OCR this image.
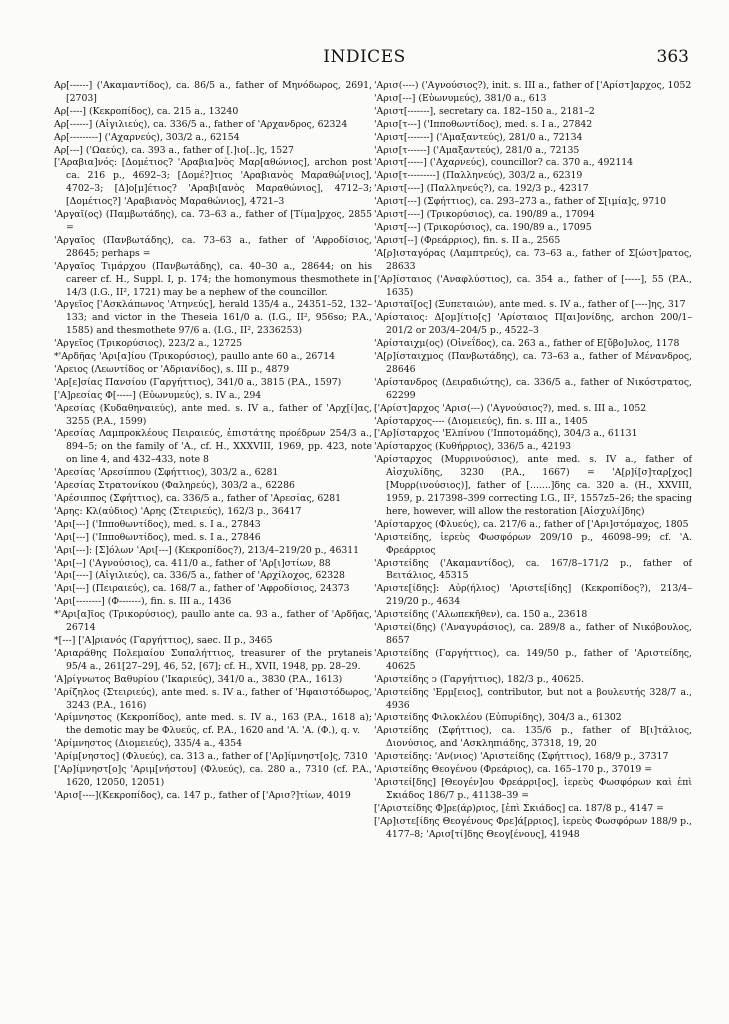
INDICES	363

Αρ[------] ('Ακαμαντίδος), ca. 86/5 a., father of Μηνόδωρος, 2691, [2703]

Αρ[----] (Κεκροπίδος), ca. 215 a., 13240

Αρ[------] (Αἰγιλιεύς), ca. 336/5 a., father of 'Αρχανδρος, 62324

Αρ[---------] ('Αχαρνεύς), 303/2 a., 62154

Αρ[---] ('Ωαεύς), ca. 393 a., father of [.]ιο[..]ς, 1527

['Αραβια]νός: [Δομέτιος? 'Αραβια]νὸς Μαρ[αθώνιος], archon post ca. 216 p., 4692–3; [Δομέ?]τιος 'Αραβιανὸς Μαραθώ[νιος], 4702–3; [Δ]ο[μ]έτιος? 'Αραβι[ανὸς Μαραθώνιος], 4712–3; [Δομέτιος?] 'Αραβιανὸς Μαραθώνιος], 4721–3

'Αργαῖ(ος) (Παμβωτάδης), ca. 73–63 a., father of [Τίμα]ρχος, 2855 =

'Αργαῖος (Πανβωτάδης), ca. 73–63 a., father of 'Αφροδίσιος, 28645; perhaps =

'Αργαῖος Τιμάρχου (Πανβωτάδης), ca. 40–30 a., 28644; on his career cf. H., Suppl. I, p. 174; the homonymous thesmothete in 14/3 (I.G., II², 1721) may be a nephew of the councillor.

'Αργεῖος ['Ασκλάπωνος 'Ατηνεύς], herald 135/4 a., 24351–52, 132–133; and victor in the Theseia 161/0 a. (I.G., II², 956so; P.A., 1585) and thesmothete 97/6 a. (I.G., II², 2336253)

'Αργεῖος (Τρικορύσιος), 223/2 a., 12725

*'Αρδῆας 'Αρι[α]ίου (Τρικορύσιος), paullo ante 60 a., 26714

'Αρειος (Λεωντίδος or 'Αδριανίδος), s. III p., 4879

'Αρ[ε]σίας Πανσίου (Γαργήττιος), 341/0 a., 3815 (P.A., 1597)

['Α]ρεσίας Φ[-----] (Εὐωνυμεύς), s. IV a., 294

'Αρεσίας (Κυδαθηναιεύς), ante med. s. IV a., father of 'Αρχ[ί]ας, 3255 (P.A., 1599)

'Αρεσίας Λαμπροκλέους Πειραιεύς, ἐπιστάτης προέδρων 254/3 a., 894–5; on the family of 'Α., cf. H., XXXVIII, 1969, pp. 423, note on line 4, and 432–433, note 8

'Αρεσίας 'Αρεσίππου (Σφήττιος), 303/2 a., 6281

'Αρεσίας Στρατονίκου (Φαληρεύς), 303/2 a., 62286

'Αρέσιππος (Σφήττιος), ca. 336/5 a., father of 'Αρεσίας, 6281

'Αρης: Κλ(αύδιος) 'Αρης (Στειριεύς), 162/3 p., 36417

'Αρι[---] ('Ιπποθωντίδος), med. s. I a., 27843

'Αρι[---] ('Ιπποθωντίδος), med. s. I a., 27846

'Αρι[---]: [Σ]όλων 'Αρι[---] (Κεκροπίδος?), 213/4–219/20 p., 46311

'Αρι[--] ('Αγνούσιος), ca. 411/0 a., father of 'Αρ[ι]στίων, 88

'Αρι[----] (Αἰγιλιεύς), ca. 336/5 a., father of 'Αρχίλοχος, 62328

'Αρι[---] (Πειραιεύς), ca. 168/7 a., father of 'Αφροδίσιος, 24373

'Αρι[--------] (Φ-------), fin. s. III a., 1436

*'Αρι[α]ῖος (Τρικορύσιος), paullo ante ca. 93 a., father of 'Αρδῆας, 26714

*[---] ['Α]ριανός (Γαργήττιος), saec. II p., 3465

'Αριαράθης Πολεμαίου Συπαλήττιος, treasurer of the prytaneis 95/4 a., 261[27–29], 46, 52, [67]; cf. H., XVII, 1948, pp. 28–29.

'Α]ρίγνωτος Βαθυρίου ('Ικαριεύς), 341/0 a., 3830 (P.A., 1613)

'Αρίζηλος (Στειριεύς), ante med. s. IV a., father of 'Ηφαιστόδωρος, 3243 (P.A., 1616)

'Αρίμνηστος (Κεκροπίδος), ante med. s. IV a., 163 (P.A., 1618 a); the demotic may be Φλυεύς, cf. P.A., 1620 and 'Α. 'Α. (Φ.), q. v.

'Αρίμνηστος (Διομειεύς), 335/4 a., 4354

'Αρίμ[νηστος] (Φλυεύς), ca. 313 a., father of ['Αρ]ίμνηστ[ο]ς, 7310

['Αρ]ίμνηστ[ο]ς 'Αριμ[νήστου] (Φλυεύς), ca. 280 a., 7310 (cf. P.A., 1620, 12050, 12051)

'Αρισ[----](Κεκροπίδος), ca. 147 p., father of ['Αρισ?]τίων, 4019

'Αρισ(----) ('Αγνούσιος?), init. s. III a., father of ['Αρίστ]αρχος, 1052

'Αρισ[---] (Εὐωνυμεύς), 381/0 a., 613

'Αριστ[-------], secretary ca. 182–150 a., 2181–2

'Αρισ[τ---] ('Ιπποθωντίδος), med. s. I a., 27842

'Αριστ[-------] ('Αμαξαντεύς), 281/0 a., 72134

'Αρισ[τ------] ('Αμαξαντεύς), 281/0 a., 72135

'Αριστ[-----] ('Αχαρνεύς), councillor? ca. 370 a., 492114

'Αρισ[τ---------] (Παλληνεύς), 303/2 a., 62319

'Αριστ[----] (Παλληνεύς?), ca. 192/3 p., 42317

'Αριστ[---] (Σφήττιος), ca. 293–273 a., father of Σ[ιμία]ς, 9710

'Αριστ[----] (Τρικορύσιος), ca. 190/89 a., 17094

'Αριστ[---] (Τρικορύσιος), ca. 190/89 a., 17095

'Αριστ[--] (Φρεάρριος), fin. s. II a., 2565

'Α[ρ]ισταγόρας (Λαμπτρεύς), ca. 73–63 a., father of Σ[ώστ]ρατος, 28633

['Αρ]ίσταιος ('Αναφλύστιος), ca. 354 a., father of [-----], 55 (P.A., 1635)

'Αρισταῖ[ος] (Ξυπεταιών), ante med. s. IV a., father of [----]ης, 317

'Αρίσταιος: Δ[ομ]ίτιο[ς] 'Αρίσταιος Π[αι]ονίδης, archon 200/1–201/2 or 203/4–204/5 p., 4522–3

'Αρίσταιχμ(ος) (Οἰνεΐδος), ca. 263 a., father of Ε[ὔβο]υλος, 1178

'Α[ρ]ίσταιχμος (Πανβωτάδης), ca. 73–63 a., father of Μένανδρος, 28646

'Αρίστανδρος (Δειραδιώτης), ca. 336/5 a., father of Νικόστρατος, 62299

['Αρίστ]αρχος 'Αρισ(---) ('Αγνούσιος?), med. s. III a., 1052

'Αρίσταρχος---- (Διομειεύς), fin. s. III a., 1405

['Αρ]ίσταρχος 'Ελπίνου ('Ιπποτομάδης), 304/3 a., 61131

'Αρίσταρχος (Κυθήρριος), 336/5 a., 42193

'Αρίσταρχος (Μυρρινούσιος), ante med. s. IV a., father of Αἰσχυλίδης, 3230 (P.A., 1667) = 'Α[ρ]ί[σ]ταρ[χος] [Μυρρ(ινούσιος)], father of [.......]δης ca. 320 a. (H., XXVIII, 1959, p. 217398–399 correcting I.G., II², 1557z5–26; the spacing here, however, will allow the restoration [Αἰσχυλί]δης)

'Αρίσταρχος (Φλυεύς), ca. 217/6 a., father of ['Αρι]στόμαχος, 1805

'Αριστείδης, ἱερεὺς Φωσφόρων 209/10 p., 46098–99; cf. 'Α. Φρεάρριος

'Αριστείδης ('Ακαμαντίδος), ca. 167/8–171/2 p., father of Βειτάλιος, 45315

'Αριστε[ίδης]: Αὐρ(ήλιος) 'Αριστε[ίδης] (Κεκροπίδος?), 213/4–219/20 p., 4634

'Αριστείδης ('Αλωπεκῆθεν), ca. 150 a., 23618

'Αριστεί(δης) ('Αναγυράσιος), ca. 289/8 a., father of Νικόβουλος, 8657

'Αριστείδης (Γαργήττιος), ca. 149/50 p., father of 'Αριστείδης, 40625

'Αριστείδης ↄ (Γαργήττιος), 182/3 p., 40625.

'Αριστείδης 'Ερμ[ειος], contributor, but not a βουλευτής 328/7 a., 4936

'Αριστείδης Φιλοκλέου (Εὐπυρίδης), 304/3 a., 61302

'Αριστείδης (Σφήττιος), ca. 135/6 p., father of Β[ι]τάλιος, Διονύσιος, and 'Ασκληπιάδης, 37318, 19, 20

'Αριστείδης: 'Αν(νιος) 'Αριστείδης (Σφήττιος), 168/9 p., 37317

'Αριστείδης Θεογένου (Φρεάριος), ca. 165–170 p., 37019 =

'Αριστεί[δης] [Θεογέν]ου Φρεάρρι[ος], ἱερεὺς Φωσφόρων καὶ ἐπὶ Σκιάδος 186/7 p., 41138–39 =

['Αριστείδης Φ]ρε(άρ)ριος, [ἐπὶ Σκιάδος] ca. 187/8 p., 4147 =

['Αρ]ιστε[ίδης Θεογένους Φρε]ά[ρριος], ἱερεὺς Φωσφόρων 188/9 p., 4177–8; 'Αρισ[τί]δης Θεογ[ένους], 41948
